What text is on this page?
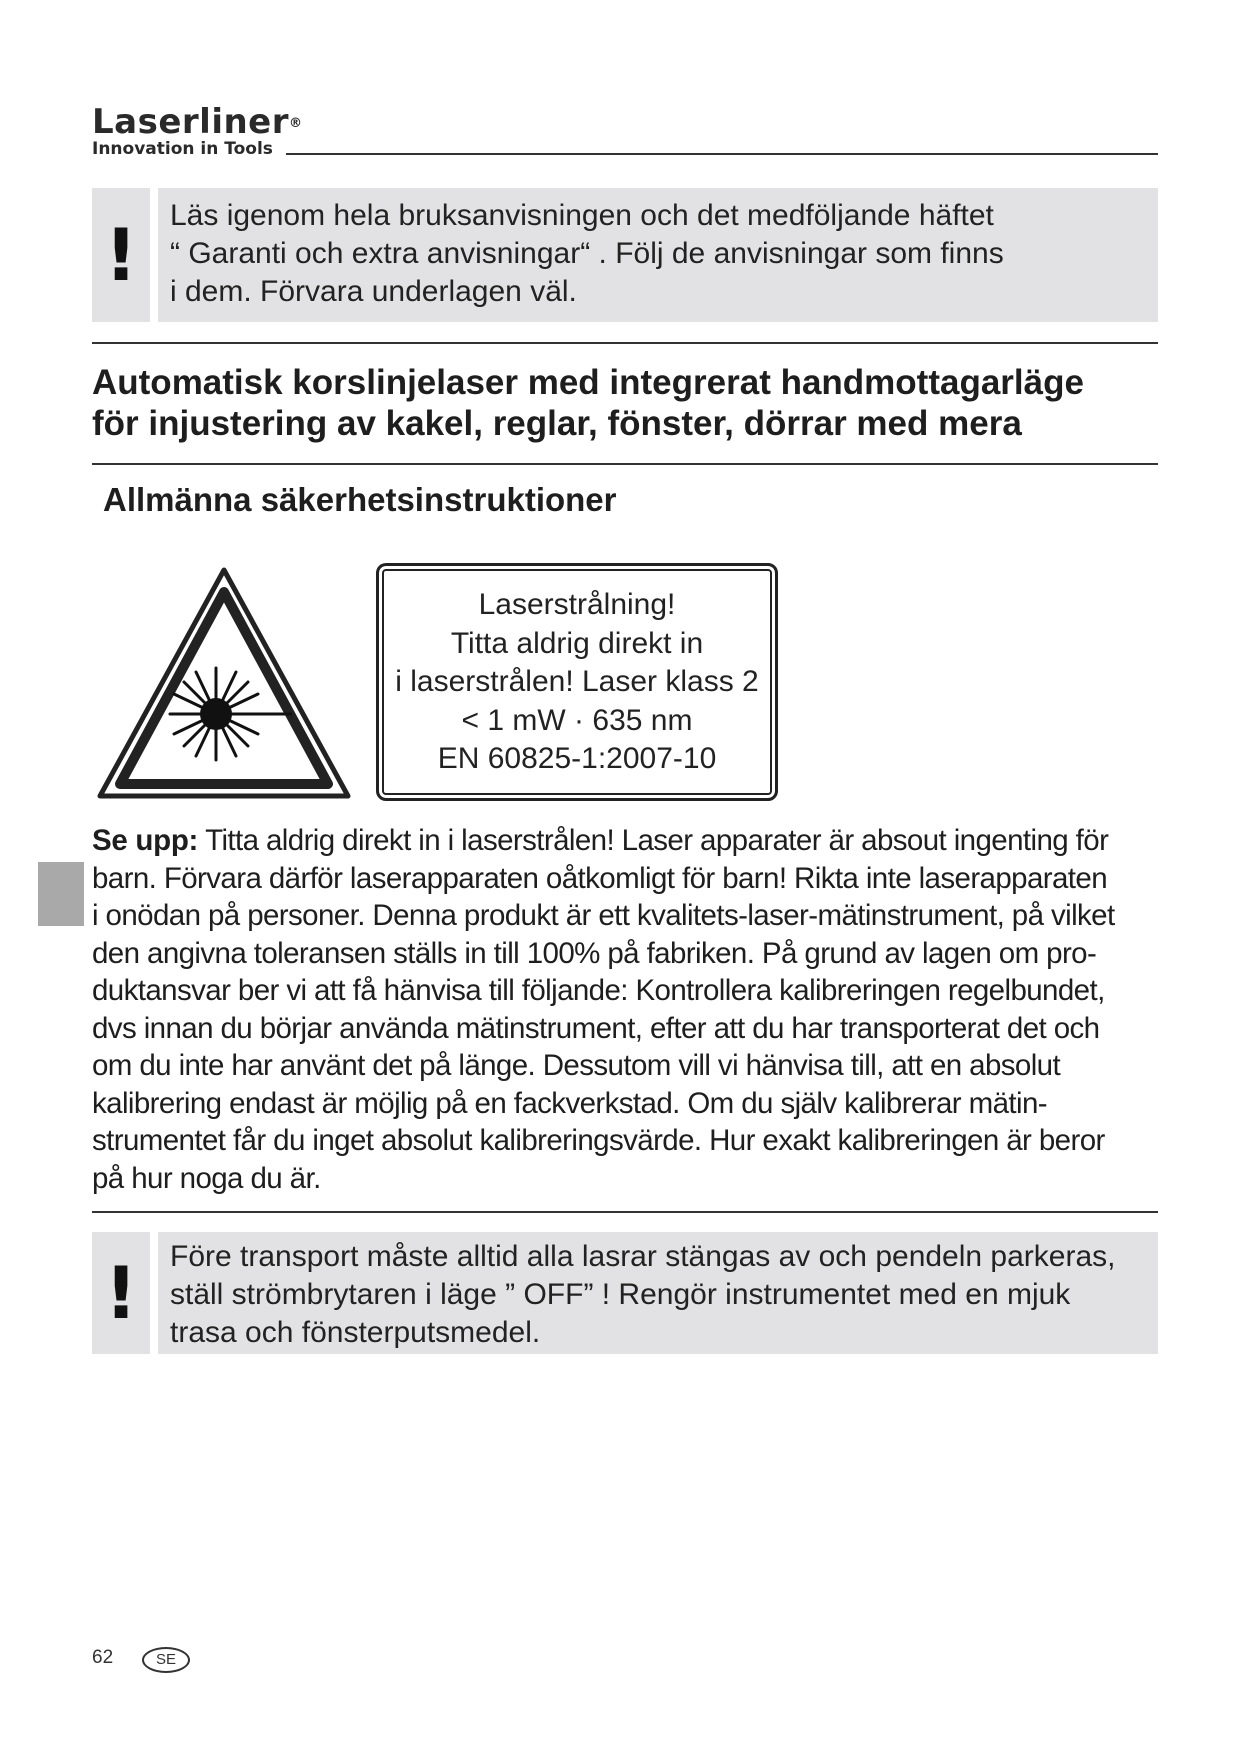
Laserliner®
Innovation in Tools
!	Läs igenom hela bruksanvisningen och det medföljande häftet
“ Garanti och extra anvisningar“ . Följ de anvisningar som finns
i dem. Förvara underlagen väl.
Automatisk korslinjelaser med integrerat handmottagarläge
för injustering av kakel, reglar, fönster, dörrar med mera
Allmänna säkerhetsinstruktioner
Laserstrålning!
Titta aldrig direkt in
i laserstrålen! Laser klass 2
< 1 mW · 635 nm
EN 60825-1:2007-10
Se upp: Titta aldrig direkt in i laserstrålen! Laser apparater är absout ingenting för
barn. Förvara därför laserapparaten oåtkomligt för barn! Rikta inte laserapparaten
i onödan på personer. Denna produkt är ett kvalitets-laser-mätinstrument, på vilket
den angivna toleransen ställs in till 100% på fabriken. På grund av lagen om pro-
duktansvar ber vi att få hänvisa till följande: Kontrollera kalibreringen regelbundet,
dvs innan du börjar använda mätinstrument, efter att du har transporterat det och
om du inte har använt det på länge. Dessutom vill vi hänvisa till, att en absolut
kalibrering endast är möjlig på en fackverkstad. Om du själv kalibrerar mätin-
strumentet får du inget absolut kalibreringsvärde. Hur exakt kalibreringen är beror
på hur noga du är.
!	Före transport måste alltid alla lasrar stängas av och pendeln parkeras,
ställ strömbrytaren i läge ” OFF” ! Rengör instrumentet med en mjuk
trasa och fönsterputsmedel.
62	SE
